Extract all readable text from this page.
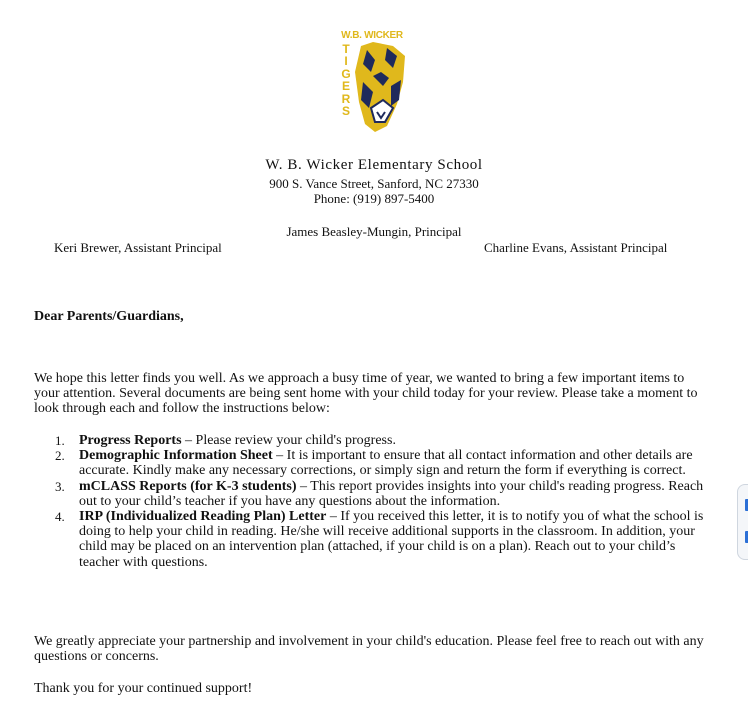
W.B. WICKER
T
I
G
E
R
S
W. B. Wicker Elementary School
900 S. Vance Street, Sanford, NC 27330
Phone: (919) 897-5400
James Beasley-Mungin, Principal
Keri Brewer, Assistant Principal	Charline Evans, Assistant Principal
Dear Parents/Guardians,
We hope this letter finds you well. As we approach a busy time of year, we wanted to bring a few important items to your attention. Several documents are being sent home with your child today for your review. Please take a moment to look through each and follow the instructions below:
1. Progress Reports – Please review your child's progress.
2. Demographic Information Sheet – It is important to ensure that all contact information and other details are accurate. Kindly make any necessary corrections, or simply sign and return the form if everything is correct.
3. mCLASS Reports (for K-3 students) – This report provides insights into your child's reading progress. Reach out to your child’s teacher if you have any questions about the information.
4. IRP (Individualized Reading Plan) Letter – If you received this letter, it is to notify you of what the school is doing to help your child in reading. He/she will receive additional supports in the classroom. In addition, your child may be placed on an intervention plan (attached, if your child is on a plan). Reach out to your child’s teacher with questions.
We greatly appreciate your partnership and involvement in your child's education. Please feel free to reach out with any questions or concerns.
Thank you for your continued support!
